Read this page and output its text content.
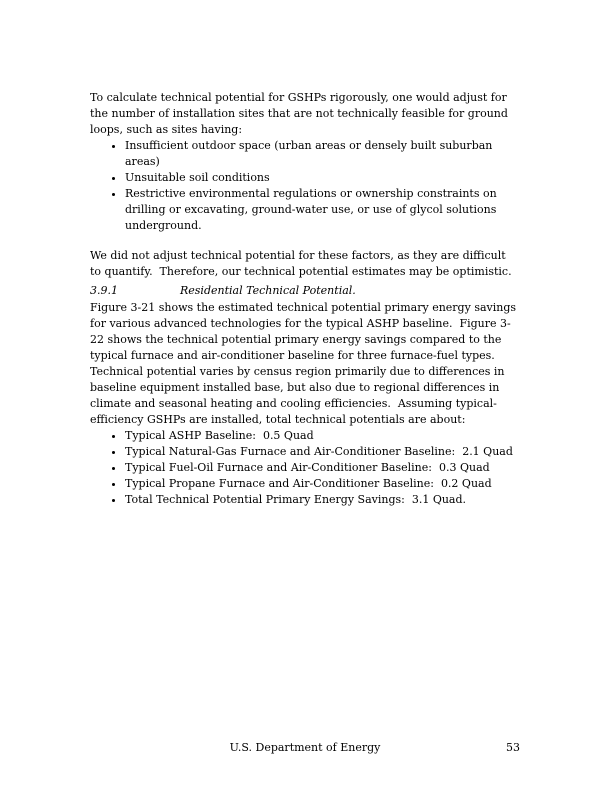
To calculate technical potential for GSHPs rigorously, one would adjust for the number of installation sites that are not technically feasible for ground loops, such as sites having:

• Insufficient outdoor space (urban areas or densely built suburban areas)
• Unsuitable soil conditions
• Restrictive environmental regulations or ownership constraints on drilling or excavating, ground-water use, or use of glycol solutions underground.

We did not adjust technical potential for these factors, as they are difficult to quantify.  Therefore, our technical potential estimates may be optimistic.

3.9.1	Residential Technical Potential.

Figure 3-21 shows the estimated technical potential primary energy savings for various advanced technologies for the typical ASHP baseline.  Figure 3-22 shows the technical potential primary energy savings compared to the typical furnace and air-conditioner baseline for three furnace-fuel types.  Technical potential varies by census region primarily due to differences in baseline equipment installed base, but also due to regional differences in climate and seasonal heating and cooling efficiencies.  Assuming typical-efficiency GSHPs are installed, total technical potentials are about:

• Typical ASHP Baseline:  0.5 Quad
• Typical Natural-Gas Furnace and Air-Conditioner Baseline:  2.1 Quad
• Typical Fuel-Oil Furnace and Air-Conditioner Baseline:  0.3 Quad
• Typical Propane Furnace and Air-Conditioner Baseline:  0.2 Quad
• Total Technical Potential Primary Energy Savings:  3.1 Quad.
U.S. Department of Energy	53
